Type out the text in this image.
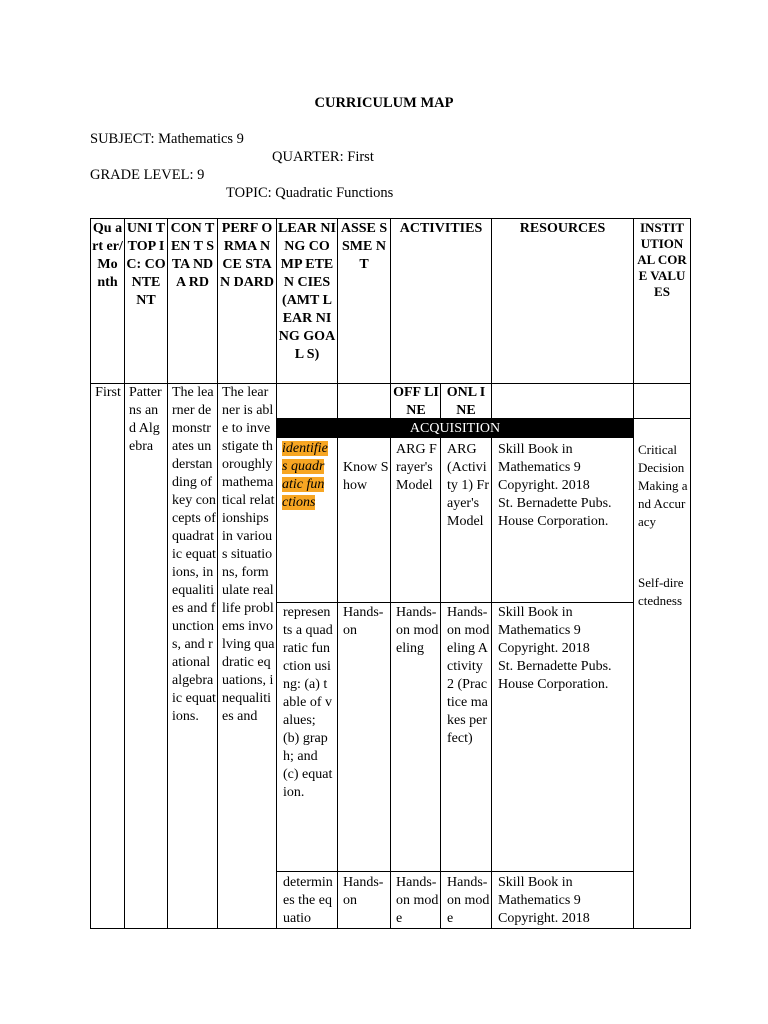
CURRICULUM MAP
SUBJECT: Mathematics 9
QUARTER: First
GRADE LEVEL: 9
TOPIC: Quadratic Functions
Qu art er/ Mo nth
UNI T TOP IC: CO NTE NT
CON TEN T STA NDA RD
PERF ORMA NCE STAN DARD
LEAR NING COMP ETEN CIES (AMT LEAR NING GOAL S)
ASSE SSME NT
ACTIVITIES	RESOURCES	INSTIT UTION AL CORE VALU ES
OFF LINE
ONL INE
ACQUISITION
First Patterns and Algebra
The learner demonstrates understanding of key concepts of quadratic equations, inequalities and functions, and rational algebraic equations.
The learner is able to investigate thoroughly mathematical relationships in various situations, formulate real life problems involving quadratic equations, inequalities and
Critical Decision Making and Accuracy
Self-directedness
identifies quadratic functions
Know Show
ARG Frayer's Model
ARG (Activity 1) Frayer's Model
Skill Book in
Mathematics 9
Copyright. 2018
St. Bernadette Pubs.
House Corporation.
represents a quadratic function using: (a) table of values; (b) graph; and (c) equation.
Hands-on
Hands-on modeling
Hands-on modeling Activity 2 (Practice makes perfect)
Skill Book in
Mathematics 9
Copyright. 2018
St. Bernadette Pubs.
House Corporation.
determines the equatio
Hands-on
Hands-on mode
Hands-on mode
Skill Book in
Mathematics 9
Copyright. 2018
